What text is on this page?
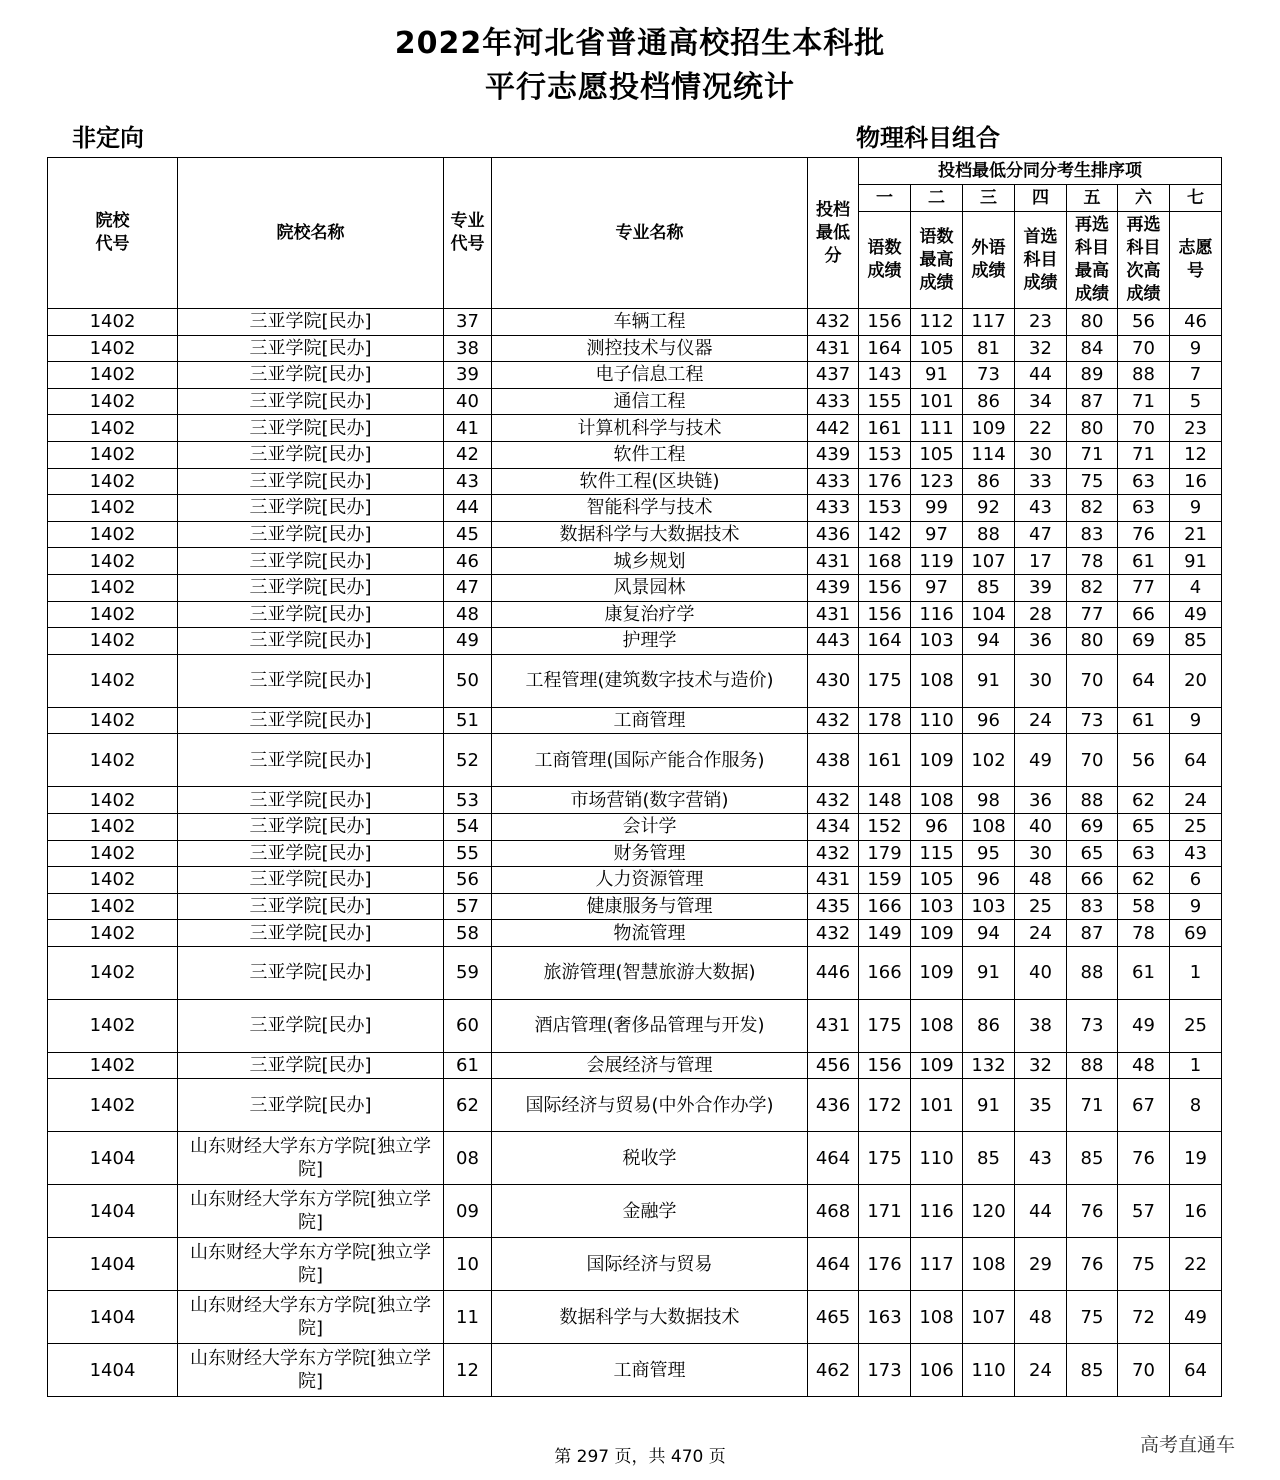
2022年河北省普通高校招生本科批
平行志愿投档情况统计
非定向	物理科目组合
院校代号	院校名称	专业代号	专业名称	投档最低分	投档最低分同分考生排序项						
					一	二	三	四	五	六	七
					语数成绩	语数最高成绩	外语成绩	首选科目成绩	再选科目最高成绩	再选科目次高成绩	志愿号
1402	三亚学院[民办]	37	车辆工程	432	156	112	117	23	80	56	46
1402	三亚学院[民办]	38	测控技术与仪器	431	164	105	81	32	84	70	9
1402	三亚学院[民办]	39	电子信息工程	437	143	91	73	44	89	88	7
1402	三亚学院[民办]	40	通信工程	433	155	101	86	34	87	71	5
1402	三亚学院[民办]	41	计算机科学与技术	442	161	111	109	22	80	70	23
1402	三亚学院[民办]	42	软件工程	439	153	105	114	30	71	71	12
1402	三亚学院[民办]	43	软件工程(区块链)	433	176	123	86	33	75	63	16
1402	三亚学院[民办]	44	智能科学与技术	433	153	99	92	43	82	63	9
1402	三亚学院[民办]	45	数据科学与大数据技术	436	142	97	88	47	83	76	21
1402	三亚学院[民办]	46	城乡规划	431	168	119	107	17	78	61	91
1402	三亚学院[民办]	47	风景园林	439	156	97	85	39	82	77	4
1402	三亚学院[民办]	48	康复治疗学	431	156	116	104	28	77	66	49
1402	三亚学院[民办]	49	护理学	443	164	103	94	36	80	69	85
1402	三亚学院[民办]	50	工程管理(建筑数字技术与造价)	430	175	108	91	30	70	64	20
1402	三亚学院[民办]	51	工商管理	432	178	110	96	24	73	61	9
1402	三亚学院[民办]	52	工商管理(国际产能合作服务)	438	161	109	102	49	70	56	64
1402	三亚学院[民办]	53	市场营销(数字营销)	432	148	108	98	36	88	62	24
1402	三亚学院[民办]	54	会计学	434	152	96	108	40	69	65	25
1402	三亚学院[民办]	55	财务管理	432	179	115	95	30	65	63	43
1402	三亚学院[民办]	56	人力资源管理	431	159	105	96	48	66	62	6
1402	三亚学院[民办]	57	健康服务与管理	435	166	103	103	25	83	58	9
1402	三亚学院[民办]	58	物流管理	432	149	109	94	24	87	78	69
1402	三亚学院[民办]	59	旅游管理(智慧旅游大数据)	446	166	109	91	40	88	61	1
1402	三亚学院[民办]	60	酒店管理(奢侈品管理与开发)	431	175	108	86	38	73	49	25
1402	三亚学院[民办]	61	会展经济与管理	456	156	109	132	32	88	48	1
1402	三亚学院[民办]	62	国际经济与贸易(中外合作办学)	436	172	101	91	35	71	67	8
1404	山东财经大学东方学院[独立学院]	08	税收学	464	175	110	85	43	85	76	19
1404	山东财经大学东方学院[独立学院]	09	金融学	468	171	116	120	44	76	57	16
1404	山东财经大学东方学院[独立学院]	10	国际经济与贸易	464	176	117	108	29	76	75	22
1404	山东财经大学东方学院[独立学院]	11	数据科学与大数据技术	465	163	108	107	48	75	72	49
1404	山东财经大学东方学院[独立学院]	12	工商管理	462	173	106	110	24	85	70	64
第 297 页，共 470 页
高考直通车
